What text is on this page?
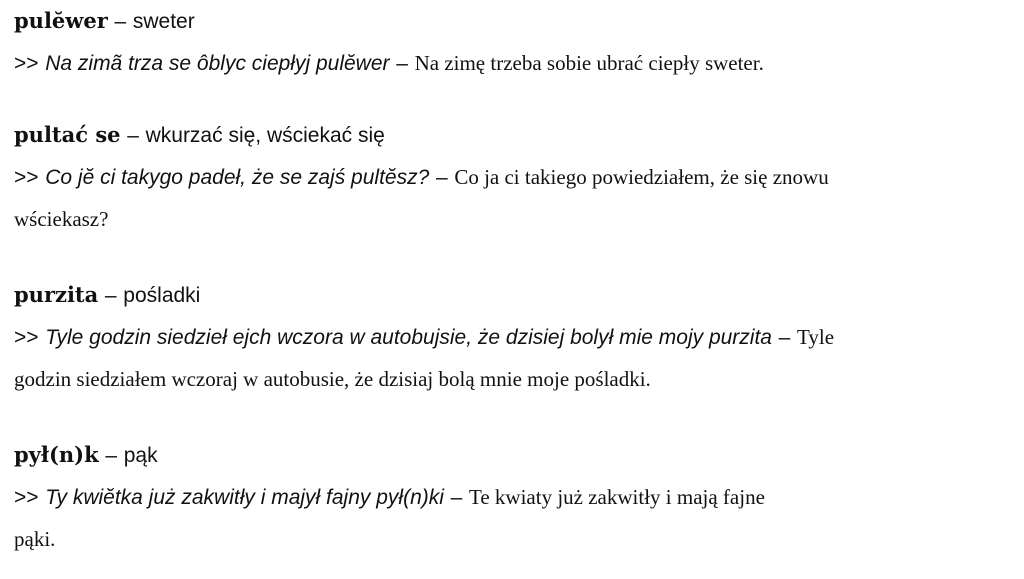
pulĕwer – sweter
>> Na zimã trza se ôblyc ciepłyj pulĕwer – Na zimę trzeba sobie ubrać ciepły sweter.
pultać se – wkurzać się, wściekać się
>> Co jĕ ci takygo padeł, że se zajś pultĕsz? – Co ja ci takiego powiedziałem, że się znowu
wściekasz?
purzita – pośladki
>> Tyle godzin siedzieł ejch wczora w autobujsie, że dzisiej bolył mie mojy purzita – Tyle
godzin siedziałem wczoraj w autobusie, że dzisiaj bolą mnie moje pośladki.
pył(n)k – pąk
>> Ty kwiĕtka już zakwitły i majył fajny pył(n)ki – Te kwiaty już zakwitły i mają fajne
pąki.
